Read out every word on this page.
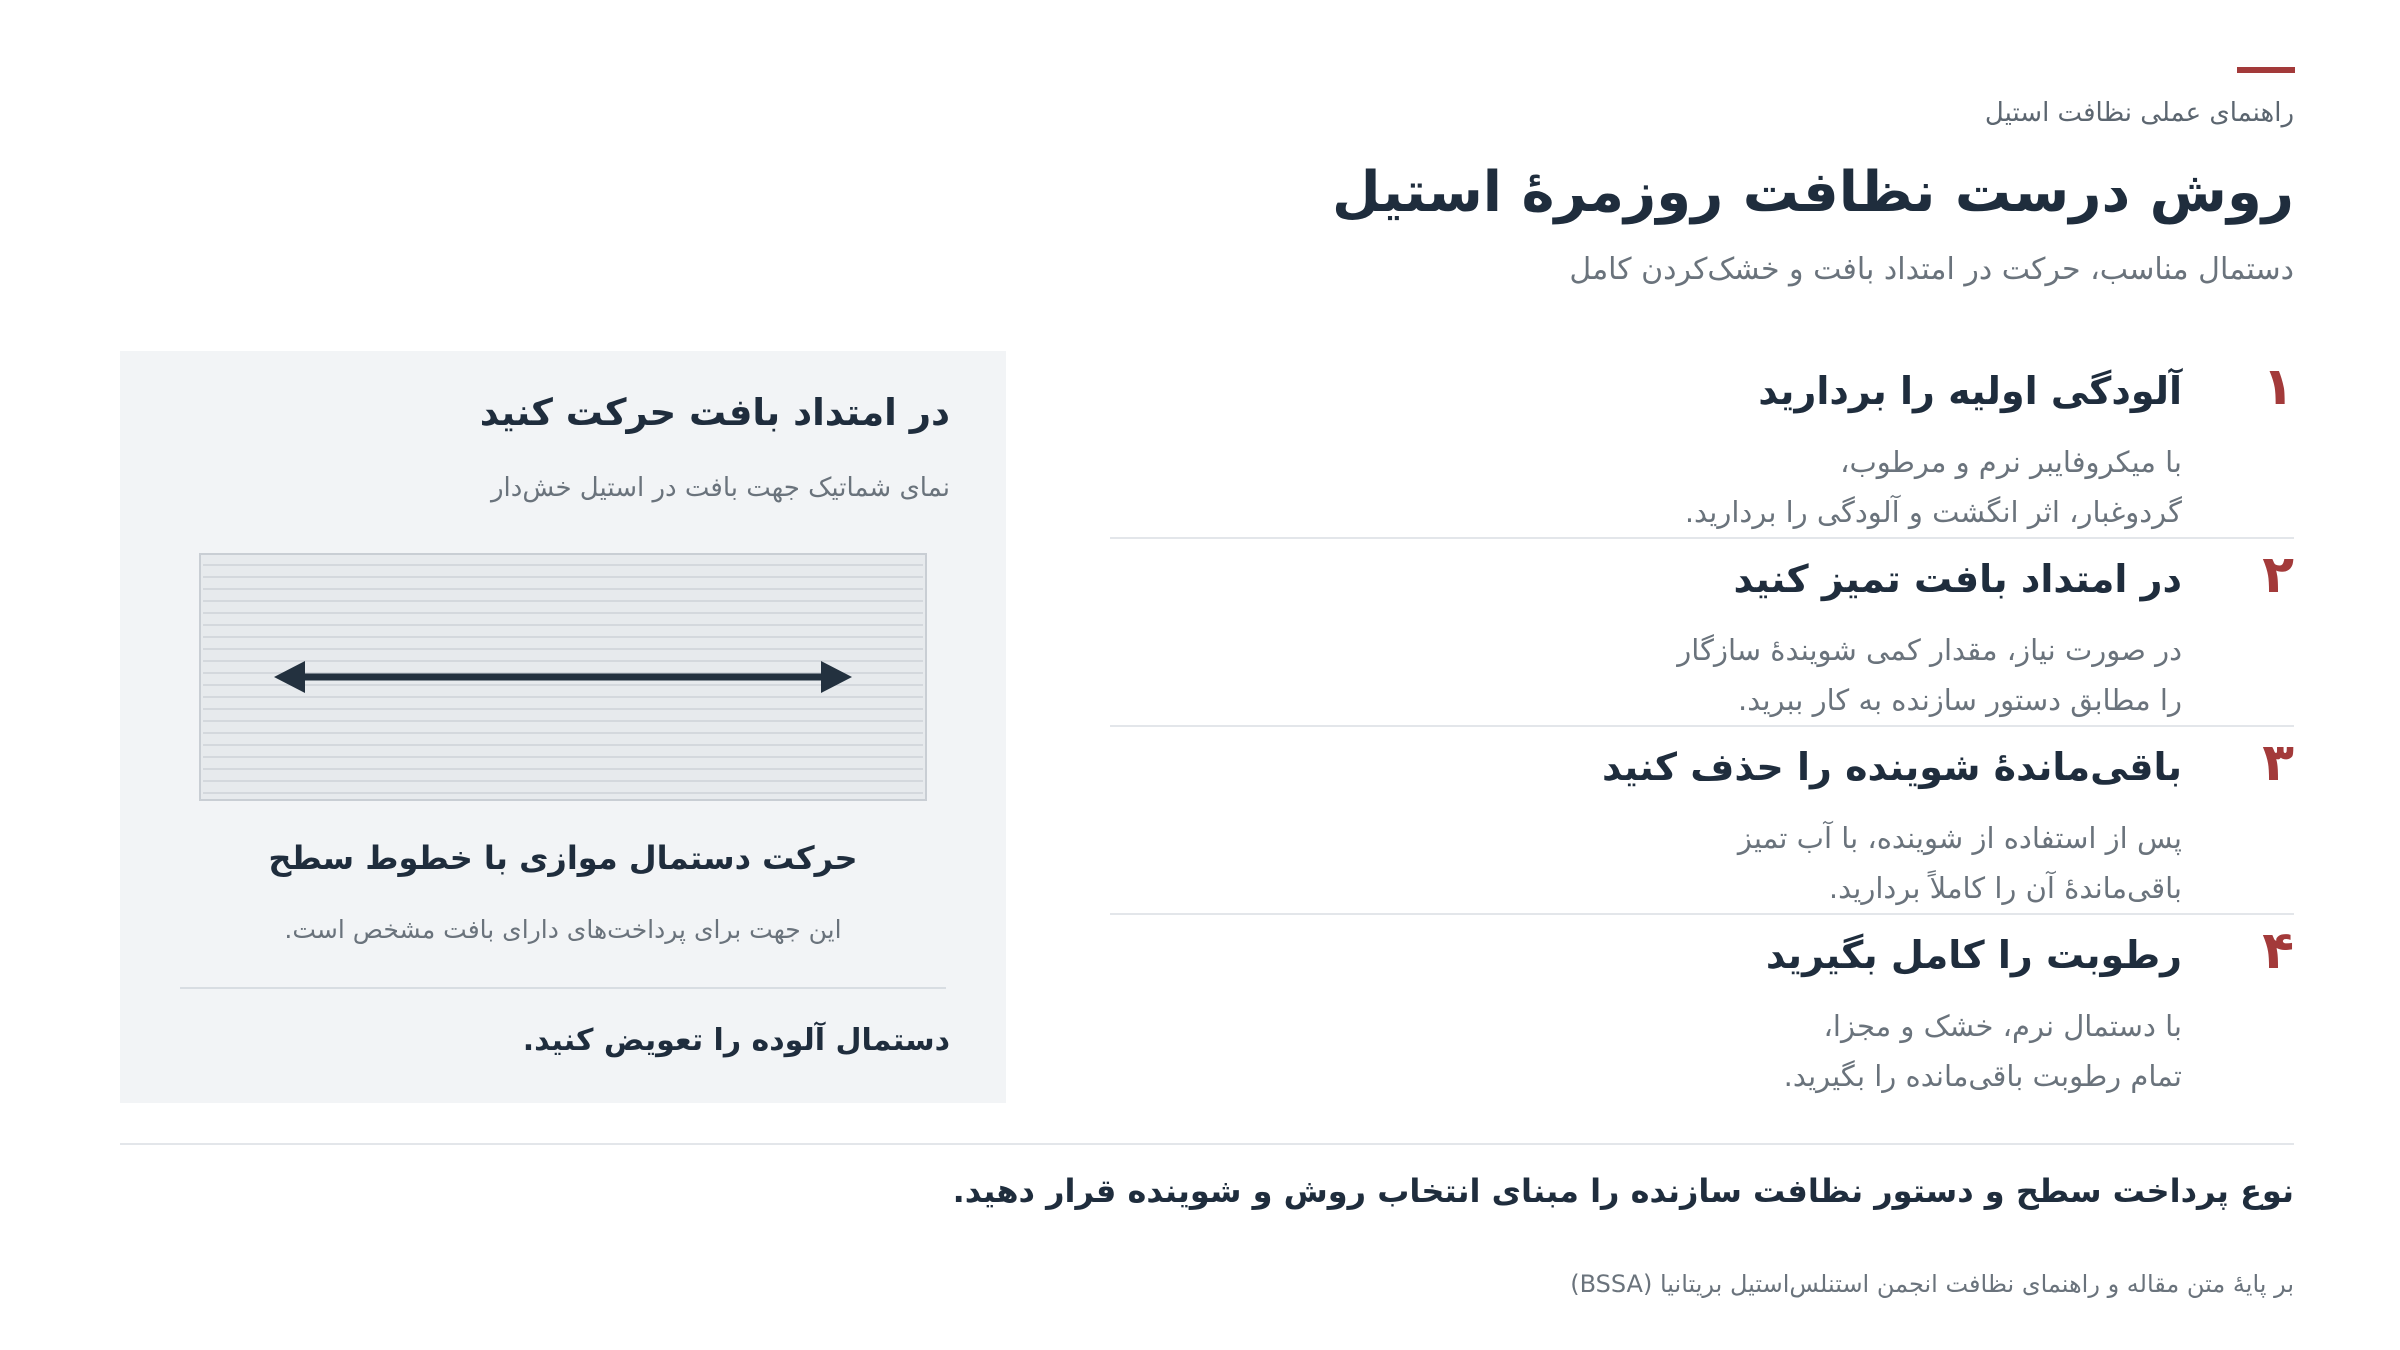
راهنمای عملی نظافت استیل
روش درست نظافت روزمرهٔ استیل
دستمال مناسب، حرکت در امتداد بافت و خشک‌کردن کامل
در امتداد بافت حرکت کنید
نمای شماتیک جهت بافت در استیل خش‌دار
حرکت دستمال موازی با خطوط سطح
این جهت برای پرداخت‌های دارای بافت مشخص است.
دستمال آلوده را تعویض کنید.
۱
آلودگی اولیه را بردارید
با میکروفایبر نرم و مرطوب،
گردوغبار، اثر انگشت و آلودگی را بردارید.
۲
در امتداد بافت تمیز کنید
در صورت نیاز، مقدار کمی شویندهٔ سازگار
را مطابق دستور سازنده به کار ببرید.
۳
باقی‌ماندهٔ شوینده را حذف کنید
پس از استفاده از شوینده، با آب تمیز
باقی‌ماندهٔ آن را کاملاً بردارید.
۴
رطوبت را کامل بگیرید
با دستمال نرم، خشک و مجزا،
تمام رطوبت باقی‌مانده را بگیرید.
نوع پرداخت سطح و دستور نظافت سازنده را مبنای انتخاب روش و شوینده قرار دهید.
بر پایهٔ متن مقاله و راهنمای نظافت انجمن استنلس‌استیل بریتانیا (BSSA)
